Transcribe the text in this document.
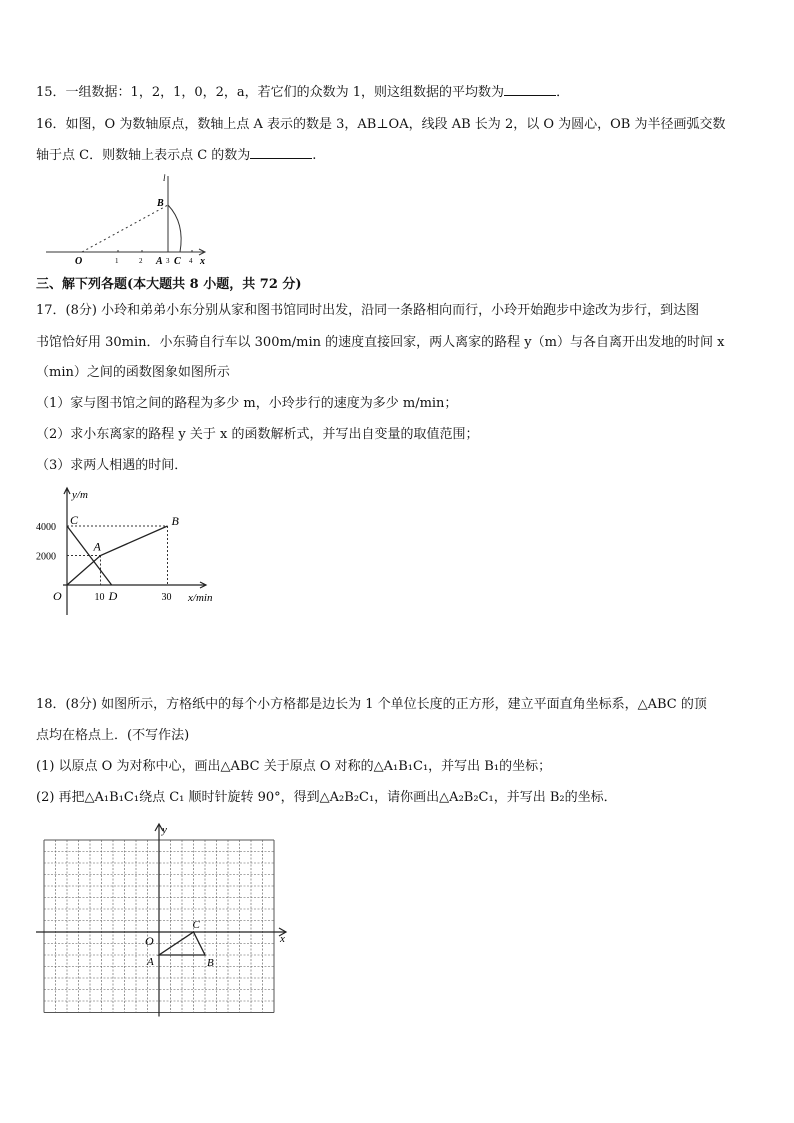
15．一组数据：1，2，1，0，2，a，若它们的众数为 1，则这组数据的平均数为	．
16．如图，O 为数轴原点，数轴上点 A 表示的数是 3，AB⊥OA，线段 AB 长为 2，以 O 为圆心，OB 为半径画弧交数
轴于点 C．则数轴上表示点 C 的数为	.
l
B
O	1	2 A 3 C 4 x
三、解下列各题(本大题共 8 小题，共 72 分)
17．(8分) 小玲和弟弟小东分别从家和图书馆同时出发，沿同一条路相向而行，小玲开始跑步中途改为步行，到达图
书馆恰好用 30min．小东骑自行车以 300m/min 的速度直接回家，两人离家的路程 y（m）与各自离开出发地的时间 x
（min）之间的函数图象如图所示
（1）家与图书馆之间的路程为多少 m，小玲步行的速度为多少 m/min；
（2）求小东离家的路程 y 关于 x 的函数解析式，并写出自变量的取值范围；
（3）求两人相遇的时间．
y/m
x/min
O
2000
4000
10	30
C
A
B
D
18．(8分) 如图所示，方格纸中的每个小方格都是边长为 1 个单位长度的正方形，建立平面直角坐标系，△ABC 的顶
点均在格点上．(不写作法)
(1) 以原点 O 为对称中心，画出△ABC 关于原点 O 对称的△A₁B₁C₁，并写出 B₁的坐标；
(2) 再把△A₁B₁C₁绕点 C₁ 顺时针旋转 90°，得到△A₂B₂C₁，请你画出△A₂B₂C₁，并写出 B₂的坐标．
y
x
O
A	B
C
